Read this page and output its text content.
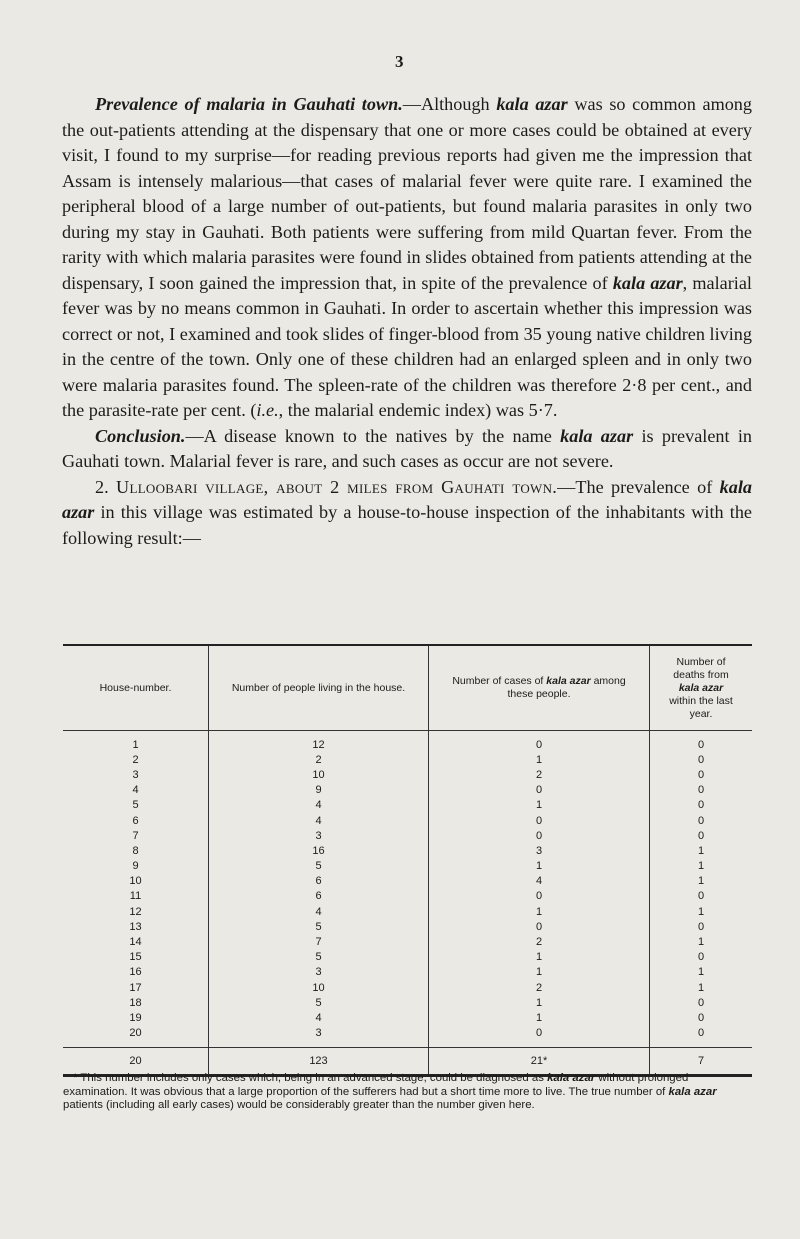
3

Prevalence of malaria in Gauhati town.—Although kala azar was so common among the out-patients attending at the dispensary that one or more cases could be obtained at every visit, I found to my surprise—for reading previous reports had given me the impression that Assam is intensely malarious—that cases of malarial fever were quite rare. I examined the peripheral blood of a large number of out-patients, but found malaria parasites in only two during my stay in Gauhati. Both patients were suffering from mild Quartan fever. From the rarity with which malaria parasites were found in slides obtained from patients attending at the dispensary, I soon gained the impression that, in spite of the prevalence of kala azar, malarial fever was by no means common in Gauhati. In order to ascertain whether this impression was correct or not, I examined and took slides of finger-blood from 35 young native children living in the centre of the town. Only one of these children had an enlarged spleen and in only two were malaria parasites found. The spleen-rate of the children was therefore 2·8 per cent., and the parasite-rate per cent. (i.e., the malarial endemic index) was 5·7.

Conclusion.—A disease known to the natives by the name kala azar is prevalent in Gauhati town. Malarial fever is rare, and such cases as occur are not severe.

2. Ulloobari village, about 2 miles from Gauhati town.—The prevalence of kala azar in this village was estimated by a house-to-house inspection of the inhabitants with the following result:—

House-number.	Number of people living in the house.	Number of cases of kala azar among these people.	Number of deaths from kala azar within the last year.
1	12	0	0
2	2	1	0
3	10	2	0
4	9	0	0
5	4	1	0
6	4	0	0
7	3	0	0
8	16	3	1
9	5	1	1
10	6	4	1
11	6	0	0
12	4	1	1
13	5	0	0
14	7	2	1
15	5	1	0
16	3	1	1
17	10	2	1
18	5	1	0
19	4	1	0
20	3	0	0
20	123	21*	7

* This number includes only cases which, being in an advanced stage, could be diagnosed as kala azar without prolonged examination. It was obvious that a large proportion of the sufferers had but a short time more to live. The true number of kala azar patients (including all early cases) would be considerably greater than the number given here.
